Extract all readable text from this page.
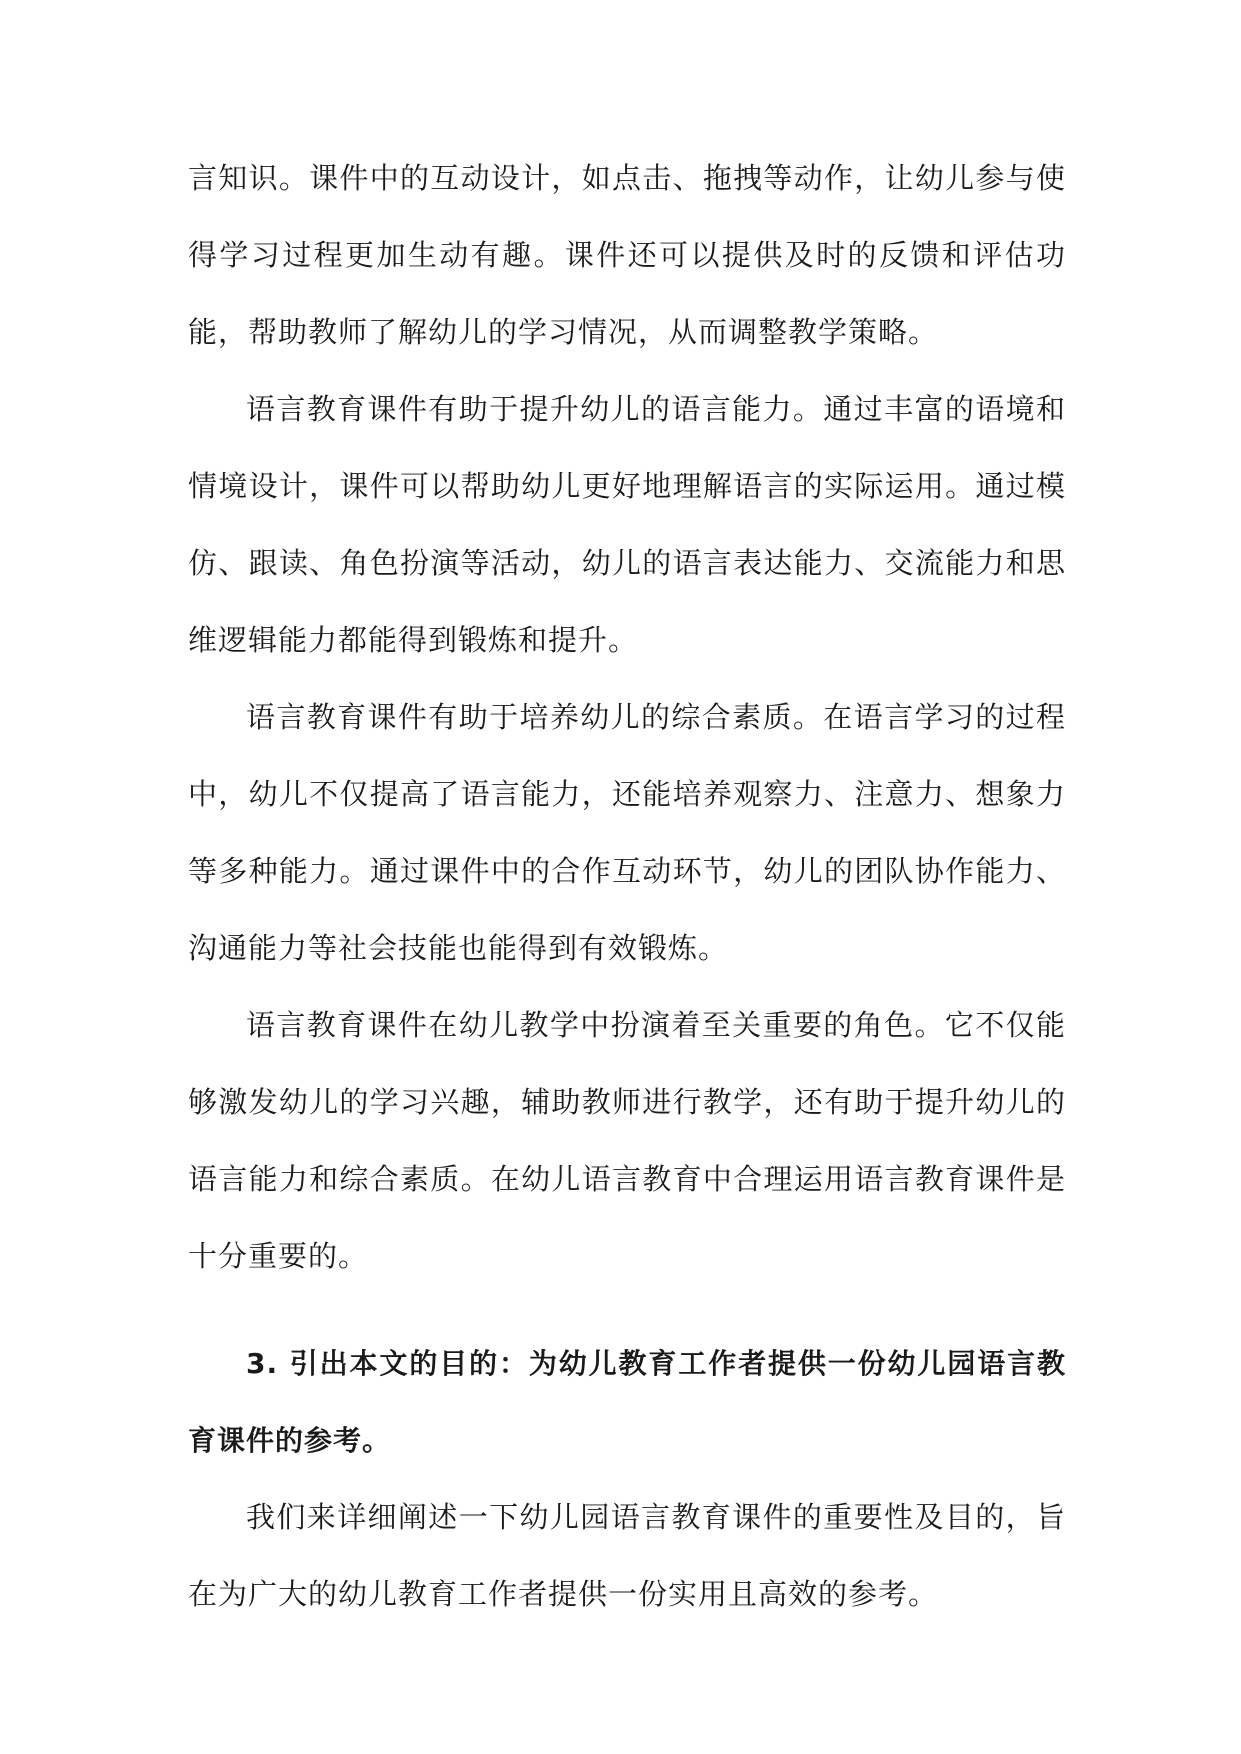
言知识。课件中的互动设计，如点击、拖拽等动作，让幼儿参与使得学习过程更加生动有趣。课件还可以提供及时的反馈和评估功能，帮助教师了解幼儿的学习情况，从而调整教学策略。

语言教育课件有助于提升幼儿的语言能力。通过丰富的语境和情境设计，课件可以帮助幼儿更好地理解语言的实际运用。通过模仿、跟读、角色扮演等活动，幼儿的语言表达能力、交流能力和思维逻辑能力都能得到锻炼和提升。

语言教育课件有助于培养幼儿的综合素质。在语言学习的过程中，幼儿不仅提高了语言能力，还能培养观察力、注意力、想象力等多种能力。通过课件中的合作互动环节，幼儿的团队协作能力、沟通能力等社会技能也能得到有效锻炼。

语言教育课件在幼儿教学中扮演着至关重要的角色。它不仅能够激发幼儿的学习兴趣，辅助教师进行教学，还有助于提升幼儿的语言能力和综合素质。在幼儿语言教育中合理运用语言教育课件是十分重要的。

3. 引出本文的目的：为幼儿教育工作者提供一份幼儿园语言教育课件的参考。

我们来详细阐述一下幼儿园语言教育课件的重要性及目的，旨在为广大的幼儿教育工作者提供一份实用且高效的参考。
